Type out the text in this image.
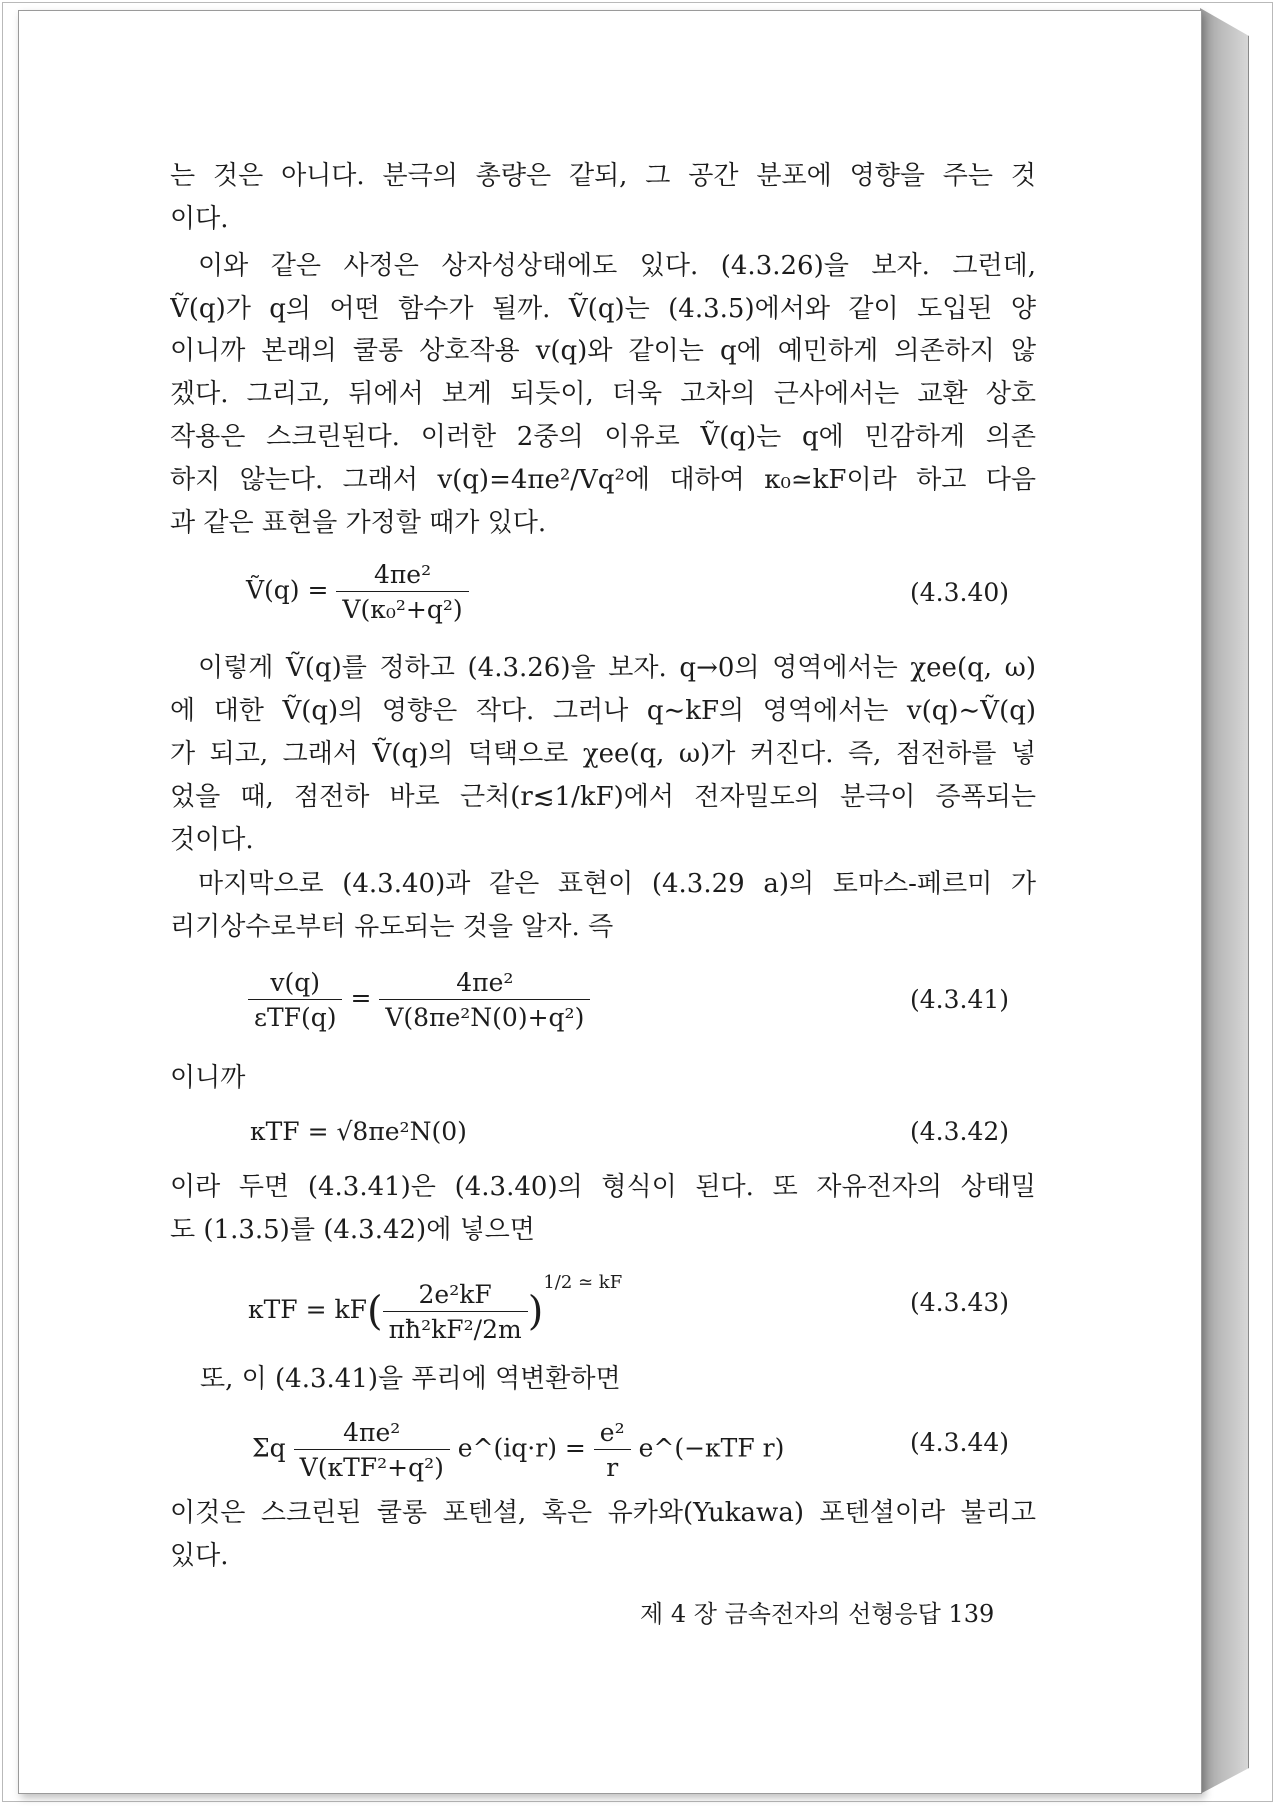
는 것은 아니다. 분극의 총량은 같되, 그 공간 분포에 영향을 주는 것
이다.
이와 같은 사정은 상자성상태에도 있다. (4.3.26)을 보자. 그런데,
Ṽ(q)가 q의 어떤 함수가 될까. Ṽ(q)는 (4.3.5)에서와 같이 도입된 양
이니까 본래의 쿨롱 상호작용 v(q)와 같이는 q에 예민하게 의존하지 않
겠다. 그리고, 뒤에서 보게 되듯이, 더욱 고차의 근사에서는 교환 상호
작용은 스크린된다. 이러한 2중의 이유로 Ṽ(q)는 q에 민감하게 의존
하지 않는다. 그래서 v(q)=4πe²/Vq²에 대하여 κ₀≃kF이라 하고 다음
과 같은 표현을 가정할 때가 있다.
Ṽ(q) = $\frac{\text{4πe²}}{\text{V(κ₀²+q²)}}$	(4.3.40)
이렇게 Ṽ(q)를 정하고 (4.3.26)을 보자. q→0의 영역에서는 χee(q, ω)
에 대한 Ṽ(q)의 영향은 작다. 그러나 q∼kF의 영역에서는 v(q)∼Ṽ(q)
가 되고, 그래서 Ṽ(q)의 덕택으로 χee(q, ω)가 커진다. 즉, 점전하를 넣
었을 때, 점전하 바로 근처(r≲1/kF)에서 전자밀도의 분극이 증폭되는
것이다.
마지막으로 (4.3.40)과 같은 표현이 (4.3.29 a)의 토마스-페르미 가
리기상수로부터 유도되는 것을 알자. 즉
$\frac{v(q)}{\text{εTF(q)}} = \frac{\text{4πe²}}{\text{V(8πe²N(0)+q²)}}$	(4.3.41)
이니까
κTF = √8πe²N(0)	(4.3.42)
이라 두면 (4.3.41)은 (4.3.40)의 형식이 된다. 또 자유전자의 상태밀
도 (1.3.5)를 (4.3.42)에 넣으면
$\kappa TF = kF( \frac{\text{2e²kF}}{\text{πħ²kF²/2m}} )^{1/2 ≃ kF}$
(4.3.43)
또, 이 (4.3.41)을 푸리에 역변환하면
Σq $\frac{\text{4πe²}}{\text{V(κTF²+q²)}}$ e^(iq·r) = $\frac{\text{e²}}{r}$ e^(−κTF r)	(4.3.44)
이것은 스크린된 쿨롱 포텐셜, 혹은 유카와(Yukawa) 포텐셜이라 불리고
있다.
제 4 장 금속전자의 선형응답 139
